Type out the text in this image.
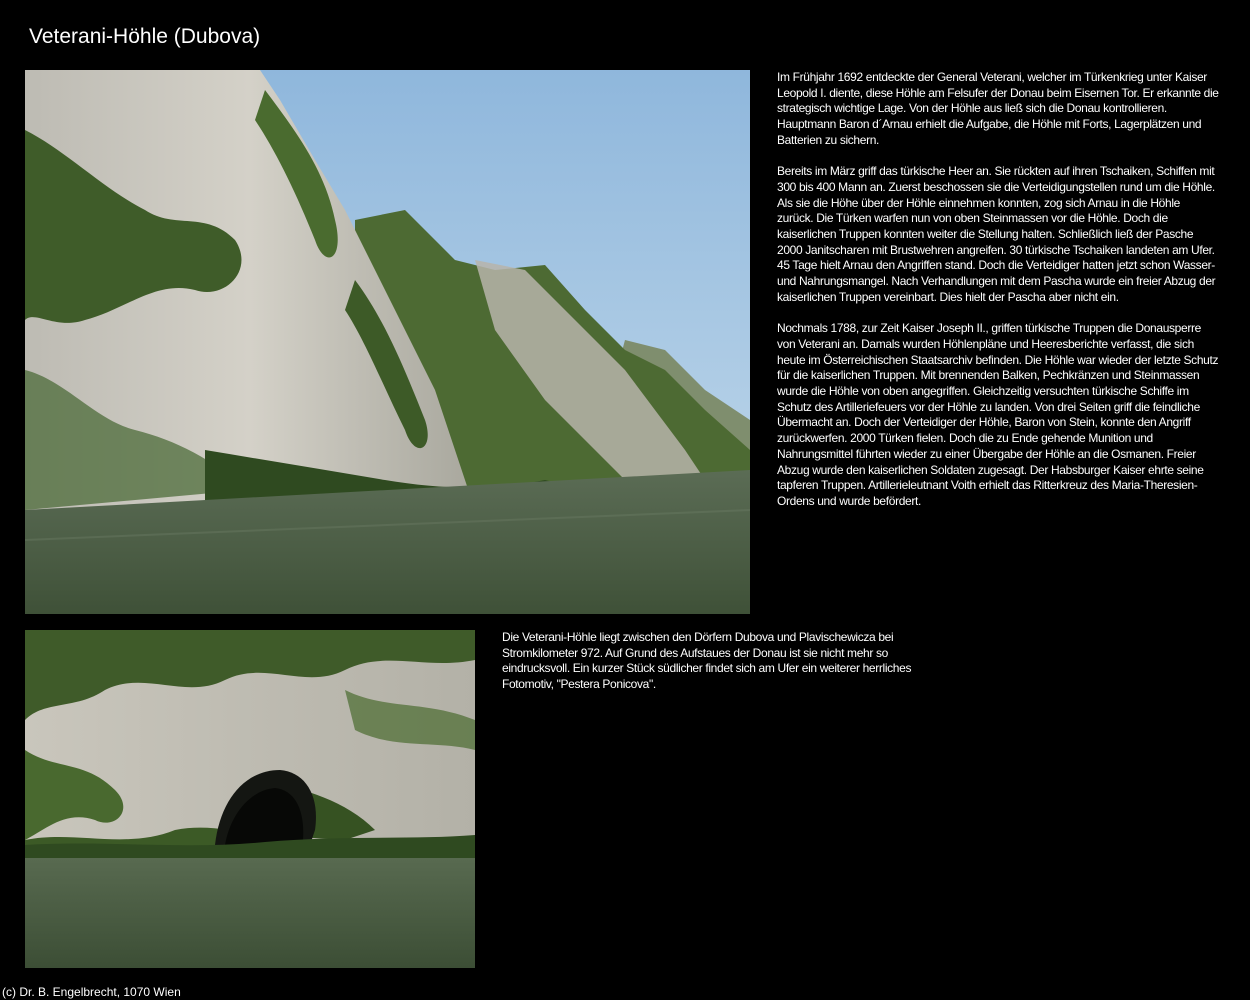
Veterani-Höhle (Dubova)

Im Frühjahr 1692 entdeckte der General Veterani, welcher im Türkenkrieg unter Kaiser Leopold I. diente, diese Höhle am Felsufer der Donau beim Eisernen Tor. Er erkannte die strategisch wichtige Lage. Von der Höhle aus ließ sich die Donau kontrollieren. Hauptmann Baron d´Arnau erhielt die Aufgabe, die Höhle mit Forts, Lagerplätzen und Batterien zu sichern.

Bereits im März griff das türkische Heer an. Sie rückten auf ihren Tschaiken, Schiffen mit 300 bis 400 Mann an. Zuerst beschossen sie die Verteidigungstellen rund um die Höhle. Als sie die Höhe über der Höhle einnehmen konnten, zog sich Arnau in die Höhle zurück. Die Türken warfen nun von oben Steinmassen vor die Höhle. Doch die kaiserlichen Truppen konnten weiter die Stellung halten. Schließlich ließ der Pasche 2000 Janitscharen mit Brustwehren angreifen. 30 türkische Tschaiken landeten am Ufer. 45 Tage hielt Arnau den Angriffen stand. Doch die Verteidiger hatten jetzt schon Wasser- und Nahrungsmangel. Nach Verhandlungen mit dem Pascha wurde ein freier Abzug der kaiserlichen Truppen vereinbart. Dies hielt der Pascha aber nicht ein.

Nochmals 1788, zur Zeit Kaiser Joseph II., griffen türkische Truppen die Donausperre von Veterani an. Damals wurden Höhlenpläne und Heeresberichte verfasst, die sich heute im Österreichischen Staatsarchiv befinden. Die Höhle war wieder der letzte Schutz für die kaiserlichen Truppen. Mit brennenden Balken, Pechkränzen und Steinmassen wurde die Höhle von oben angegriffen. Gleichzeitig versuchten türkische Schiffe im Schutz des Artilleriefeuers vor der Höhle zu landen. Von drei Seiten griff die feindliche Übermacht an. Doch der Verteidiger der Höhle, Baron von Stein, konnte den Angriff zurückwerfen. 2000 Türken fielen. Doch die zu Ende gehende Munition und Nahrungsmittel führten wieder zu einer Übergabe der Höhle an die Osmanen. Freier Abzug wurde den kaiserlichen Soldaten zugesagt. Der Habsburger Kaiser ehrte seine tapferen Truppen. Artillerieleutnant Voith erhielt das Ritterkreuz des Maria-Theresien-Ordens und wurde befördert.

Die Veterani-Höhle liegt zwischen den Dörfern Dubova und Plavischewicza bei Stromkilometer 972. Auf Grund des Aufstaues der Donau ist sie nicht mehr so eindrucksvoll. Ein kurzer Stück südlicher findet sich am Ufer ein weiterer herrliches Fotomotiv, "Pestera Ponicova".

(c) Dr. B. Engelbrecht, 1070 Wien
